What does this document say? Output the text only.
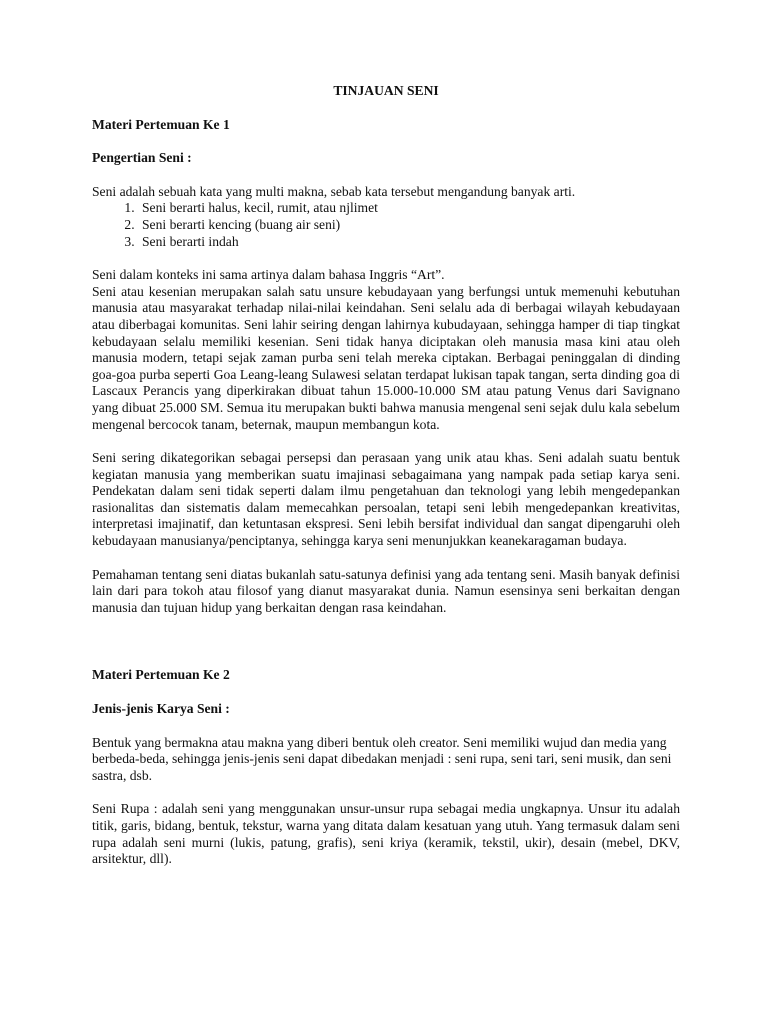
TINJAUAN SENI
Materi Pertemuan Ke 1
Pengertian Seni :

Seni adalah sebuah kata yang multi makna, sebab kata tersebut mengandung banyak arti.

1. Seni berarti halus, kecil, rumit, atau njlimet
2. Seni berarti kencing (buang air seni)
3. Seni berarti indah

Seni dalam konteks ini sama artinya dalam bahasa Inggris “Art”.

Seni atau kesenian merupakan salah satu unsure kebudayaan yang berfungsi untuk memenuhi kebutuhan manusia atau masyarakat terhadap nilai-nilai keindahan. Seni selalu ada di berbagai wilayah kebudayaan atau diberbagai komunitas. Seni lahir seiring dengan lahirnya kubudayaan, sehingga hamper di tiap tingkat kebudayaan selalu memiliki kesenian. Seni tidak hanya diciptakan oleh manusia masa kini atau oleh manusia modern, tetapi sejak zaman purba seni telah mereka ciptakan. Berbagai peninggalan di dinding goa-goa purba seperti Goa Leang-leang Sulawesi selatan terdapat lukisan tapak tangan, serta dinding goa di Lascaux Perancis yang diperkirakan dibuat tahun 15.000-10.000 SM atau patung Venus dari Savignano yang dibuat 25.000 SM. Semua itu merupakan bukti bahwa manusia mengenal seni sejak dulu kala sebelum mengenal bercocok tanam, beternak, maupun membangun kota.

Seni sering dikategorikan sebagai persepsi dan perasaan yang unik atau khas. Seni adalah suatu bentuk kegiatan manusia yang memberikan suatu imajinasi sebagaimana yang nampak pada setiap karya seni. Pendekatan dalam seni tidak seperti dalam ilmu pengetahuan dan teknologi yang lebih mengedepankan rasionalitas dan sistematis dalam memecahkan persoalan, tetapi seni lebih mengedepankan kreativitas, interpretasi imajinatif, dan ketuntasan ekspresi. Seni lebih bersifat individual dan sangat dipengaruhi oleh kebudayaan manusianya/penciptanya, sehingga karya seni menunjukkan keanekaragaman budaya.

Pemahaman tentang seni diatas bukanlah satu-satunya definisi yang ada tentang seni. Masih banyak definisi lain dari para tokoh atau filosof yang dianut masyarakat dunia. Namun esensinya seni berkaitan dengan manusia dan tujuan hidup yang berkaitan dengan rasa keindahan.

Materi Pertemuan Ke 2
Jenis-jenis Karya Seni :

Bentuk yang bermakna atau makna yang diberi bentuk oleh creator. Seni memiliki wujud dan media yang berbeda-beda, sehingga jenis-jenis seni dapat dibedakan menjadi : seni rupa, seni tari, seni musik, dan seni sastra, dsb.

Seni Rupa : adalah seni yang menggunakan unsur-unsur rupa sebagai media ungkapnya. Unsur itu adalah titik, garis, bidang, bentuk, tekstur, warna yang ditata dalam kesatuan yang utuh. Yang termasuk dalam seni rupa adalah seni murni (lukis, patung, grafis), seni kriya (keramik, tekstil, ukir), desain (mebel, DKV, arsitektur, dll).
